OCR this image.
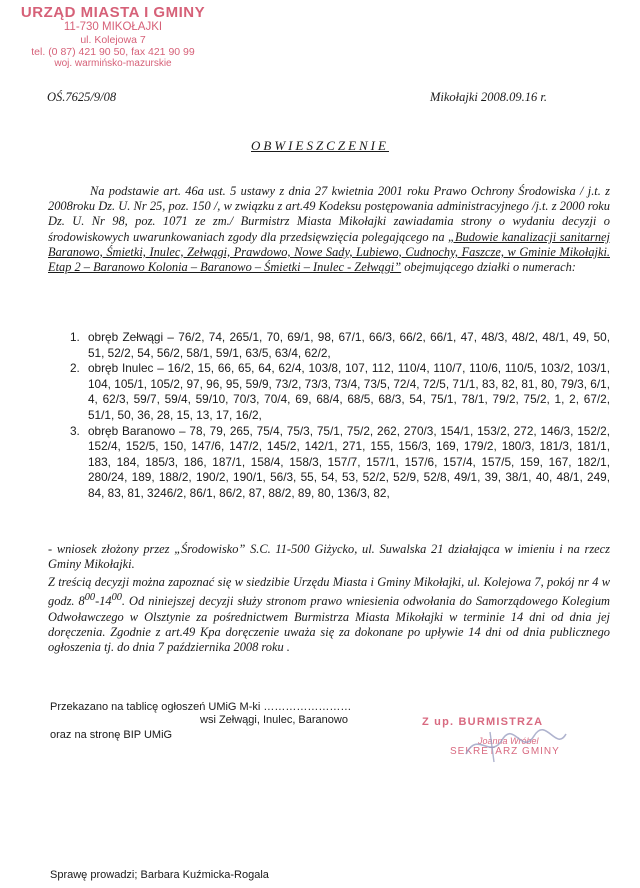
URZĄD MIASTA I GMINY
11-730 MIKOŁAJKI
ul. Kolejowa 7
tel. (0 87) 421 90 50, fax 421 90 99
woj. warmińsko-mazurskie
OŚ.7625/9/08	Mikołajki 2008.09.16 r.
OBWIESZCZENIE
Na podstawie art. 46a ust. 5 ustawy z dnia 27 kwietnia 2001 roku Prawo Ochrony Środowiska / j.t. z 2008roku Dz. U. Nr 25, poz. 150 /, w związku z art.49 Kodeksu postępowania administracyjnego /j.t. z 2000 roku Dz. U. Nr 98, poz. 1071 ze zm./ Burmistrz Miasta Mikołajki zawiadamia strony o wydaniu decyzji o środowiskowych uwarunkowaniach zgody dla przedsięwzięcia polegającego na „Budowie kanalizacji sanitarnej Baranowo, Śmietki, Inulec, Zełwągi, Prawdowo, Nowe Sady, Lubiewo, Cudnochy, Faszcze, w Gminie Mikołajki. Etap 2 – Baranowo Kolonia – Baranowo – Śmietki – Inulec - Zełwągi” obejmującego działki o numerach:
1. obręb Zełwągi – 76/2, 74, 265/1, 70, 69/1, 98, 67/1, 66/3, 66/2, 66/1, 47, 48/3, 48/2, 48/1, 49, 50, 51, 52/2, 54, 56/2, 58/1, 59/1, 63/5, 63/4, 62/2,
2. obręb Inulec – 16/2, 15, 66, 65, 64, 62/4, 103/8, 107, 112, 110/4, 110/7, 110/6, 110/5, 103/2, 103/1, 104, 105/1, 105/2, 97, 96, 95, 59/9, 73/2, 73/3, 73/4, 73/5, 72/4, 72/5, 71/1, 83, 82, 81, 80, 79/3, 6/1, 4, 62/3, 59/7, 59/4, 59/10, 70/3, 70/4, 69, 68/4, 68/5, 68/3, 54, 75/1, 78/1, 79/2, 75/2, 1, 2, 67/2, 51/1, 50, 36, 28, 15, 13, 17, 16/2,
3. obręb Baranowo – 78, 79, 265, 75/4, 75/3, 75/1, 75/2, 262, 270/3, 154/1, 153/2, 272, 146/3, 152/2, 152/4, 152/5, 150, 147/6, 147/2, 145/2, 142/1, 271, 155, 156/3, 169, 179/2, 180/3, 181/3, 181/1, 183, 184, 185/3, 186, 187/1, 158/4, 158/3, 157/7, 157/1, 157/6, 157/4, 157/5, 159, 167, 182/1, 280/24, 189, 188/2, 190/2, 190/1, 56/3, 55, 54, 53, 52/2, 52/9, 52/8, 49/1, 39, 38/1, 40, 48/1, 249, 84, 83, 81, 3246/2, 86/1, 86/2, 87, 88/2, 89, 80, 136/3, 82,
- wniosek złożony przez „Środowisko” S.C. 11-500 Giżycko, ul. Suwalska 21 działająca w imieniu i na rzecz Gminy Mikołajki.
Z treścią decyzji można zapoznać się w siedzibie Urzędu Miasta i Gminy Mikołajki, ul. Kolejowa 7, pokój nr 4 w godz. $8^{00}-14^{00}$. Od niniejszej decyzji służy stronom prawo wniesienia odwołania do Samorządowego Kolegium Odwoławczego w Olsztynie za pośrednictwem Burmistrza Miasta Mikołajki w terminie 14 dni od dnia jej doręczenia. Zgodnie z art.49 Kpa doręczenie uważa się za dokonane po upływie 14 dni od dnia publicznego ogłoszenia tj. do dnia 7 października 2008 roku .
Przekazano na tablicę ogłoszeń UMiG M-ki ……………………
wsi Zełwągi, Inulec, Baranowo
oraz na stronę BIP UMiG
Z up. BURMISTRZA
Joanna Wróbel
SEKRETARZ GMINY
Sprawę prowadzi; Barbara Kuźmicka-Rogala
